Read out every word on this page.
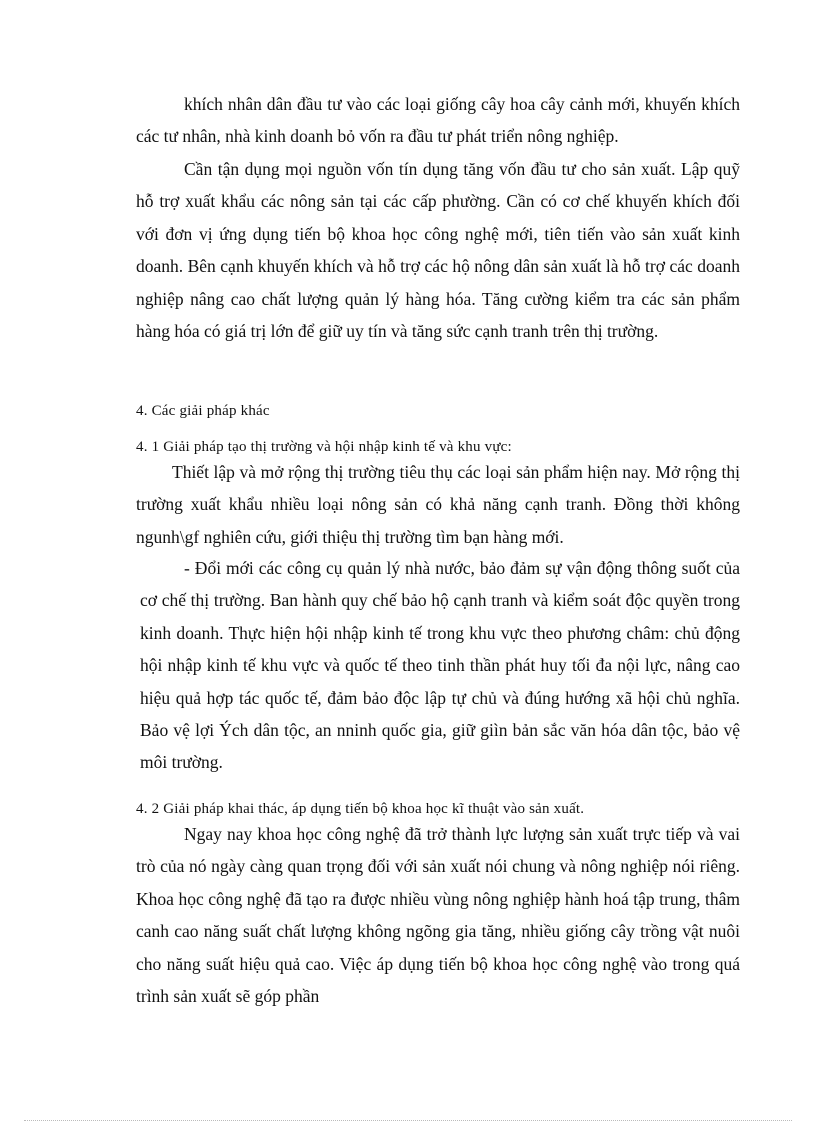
khích nhân dân đầu tư vào các loại giống cây hoa cây cảnh mới, khuyến khích các tư nhân, nhà kinh doanh bỏ vốn ra đầu tư phát triển nông nghiệp.

Cần tận dụng mọi nguồn vốn tín dụng tăng vốn đầu tư cho sản xuất. Lập quỹ hỗ trợ xuất khẩu các nông sản tại các cấp phường. Cần có cơ chế khuyến khích đối với đơn vị ứng dụng tiến bộ khoa học công nghệ mới, tiên tiến vào sản xuất kinh doanh. Bên cạnh khuyến khích và hỗ trợ các hộ nông dân sản xuất là hỗ trợ các doanh nghiệp nâng cao chất lượng quản lý hàng hóa. Tăng cường kiểm tra các sản phẩm hàng hóa có giá trị lớn để giữ uy tín và tăng sức cạnh tranh trên thị trường.

4. Các giải pháp khác

4. 1 Giải pháp tạo thị trường và hội nhập kinh tế và khu vực:

Thiết lập và mở rộng thị trường tiêu thụ các loại sản phẩm hiện nay. Mở rộng thị trường xuất khẩu nhiều loại nông sản có khả năng cạnh tranh. Đồng thời không ngunh\gf nghiên cứu, giới thiệu thị trường tìm bạn hàng mới.

- Đổi mới các công cụ quản lý nhà nước, bảo đảm sự vận động thông suốt của cơ chế thị trường. Ban hành quy chế bảo hộ cạnh tranh và kiểm soát độc quyền trong kinh doanh. Thực hiện hội nhập kinh tế trong khu vực theo phương châm: chủ động hội nhập kinh tế khu vực và quốc tế theo tinh thần phát huy tối đa nội lực, nâng cao hiệu quả hợp tác quốc tế, đảm bảo độc lập tự chủ và đúng hướng xã hội chủ nghĩa. Bảo vệ lợi Ých dân tộc, an nninh quốc gia, giữ giìn bản sắc văn hóa dân tộc, bảo vệ môi trường.

4. 2 Giải pháp khai thác, áp dụng tiến bộ khoa học kĩ thuật vào sản xuất.

Ngay nay khoa học công nghệ đã trở thành lực lượng sản xuất trực tiếp và vai trò của nó ngày càng quan trọng đối với sản xuất nói chung và nông nghiệp nói riêng. Khoa học công nghệ đã tạo ra được nhiều vùng nông nghiệp hành hoá tập trung, thâm canh cao năng suất chất lượng không ngõng gia tăng, nhiều giống cây trồng vật nuôi cho năng suất hiệu quả cao. Việc áp dụng tiến bộ khoa học công nghệ vào trong quá trình sản xuất sẽ góp phần
